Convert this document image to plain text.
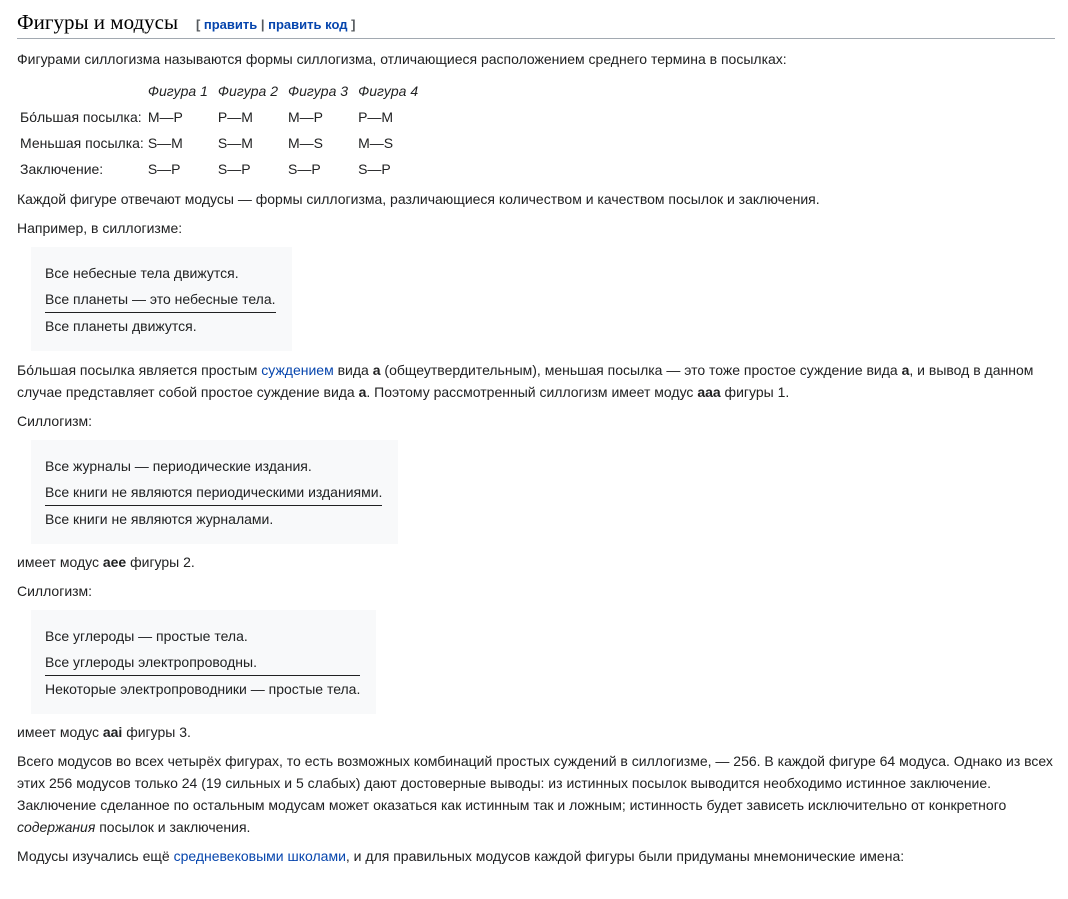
Фигуры и модусы [ править | править код ]

Фигурами силлогизма называются формы силлогизма, отличающиеся расположением среднего термина в посылках:

	Фигура 1	Фигура 2	Фигура 3	Фигура 4
Бо́льшая посылка:	M—P	P—M	M—P	P—M
Меньшая посылка:	S—M	S—M	M—S	M—S
Заключение:	S—P	S—P	S—P	S—P

Каждой фигуре отвечают модусы — формы силлогизма, различающиеся количеством и качеством посылок и заключения.

Например, в силлогизме:

Все небесные тела движутся.
Все планеты — это небесные тела.
Все планеты движутся.

Бо́льшая посылка является простым суждением вида a (общеутвердительным), меньшая посылка — это тоже простое суждение вида a, и вывод в данном случае представляет собой простое суждение вида a. Поэтому рассмотренный силлогизм имеет модус aaa фигуры 1.

Силлогизм:

Все журналы — периодические издания.
Все книги не являются периодическими изданиями.
Все книги не являются журналами.

имеет модус aee фигуры 2.

Силлогизм:

Все углероды — простые тела.
Все углероды электропроводны.
Некоторые электропроводники — простые тела.

имеет модус aai фигуры 3.

Всего модусов во всех четырёх фигурах, то есть возможных комбинаций простых суждений в силлогизме, — 256. В каждой фигуре 64 модуса. Однако из всех этих 256 модусов только 24 (19 сильных и 5 слабых) дают достоверные выводы: из истинных посылок выводится необходимо истинное заключение. Заключение сделанное по остальным модусам может оказаться как истинным так и ложным; истинность будет зависеть исключительно от конкретного содержания посылок и заключения.

Модусы изучались ещё средневековыми школами, и для правильных модусов каждой фигуры были придуманы мнемонические имена:
